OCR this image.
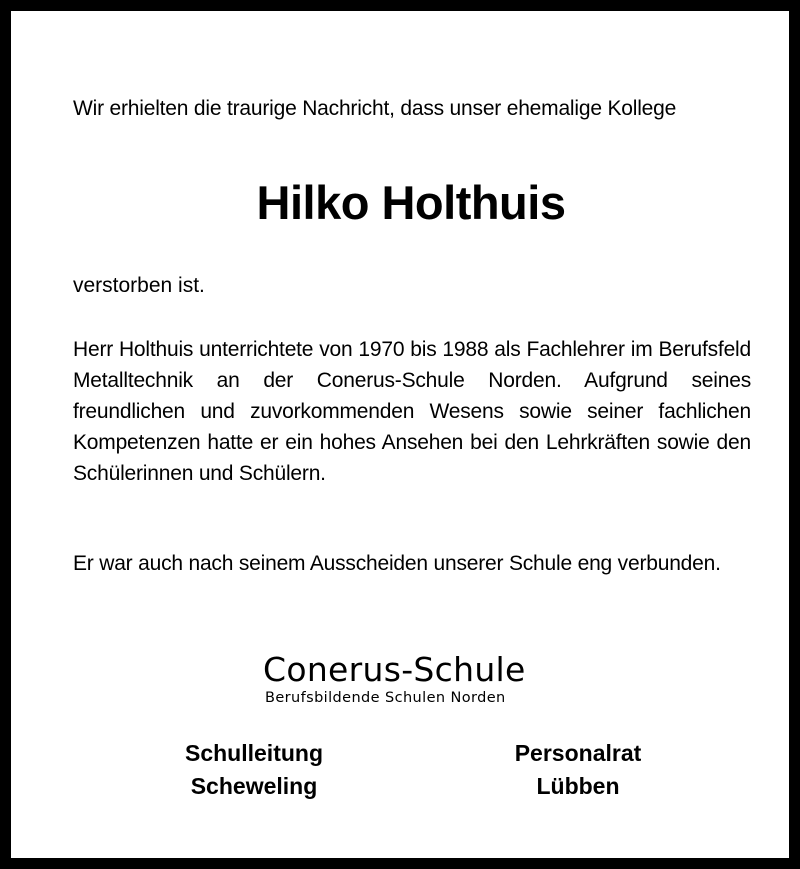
Wir erhielten die traurige Nachricht, dass unser ehemalige Kollege

Hilko Holthuis

verstorben ist.

Herr Holthuis unterrichtete von 1970 bis 1988 als Fachlehrer im Berufsfeld Metalltechnik an der Conerus-Schule Norden. Aufgrund seines freundlichen und zuvorkommenden Wesens sowie seiner fachlichen Kompetenzen hatte er ein hohes Ansehen bei den Lehrkräften sowie den Schülerinnen und Schülern.

Er war auch nach seinem Ausscheiden unserer Schule eng verbunden.

Conerus-Schule
Berufsbildende Schulen Norden
Schulleitung
Scheweling
Personalrat
Lübben
